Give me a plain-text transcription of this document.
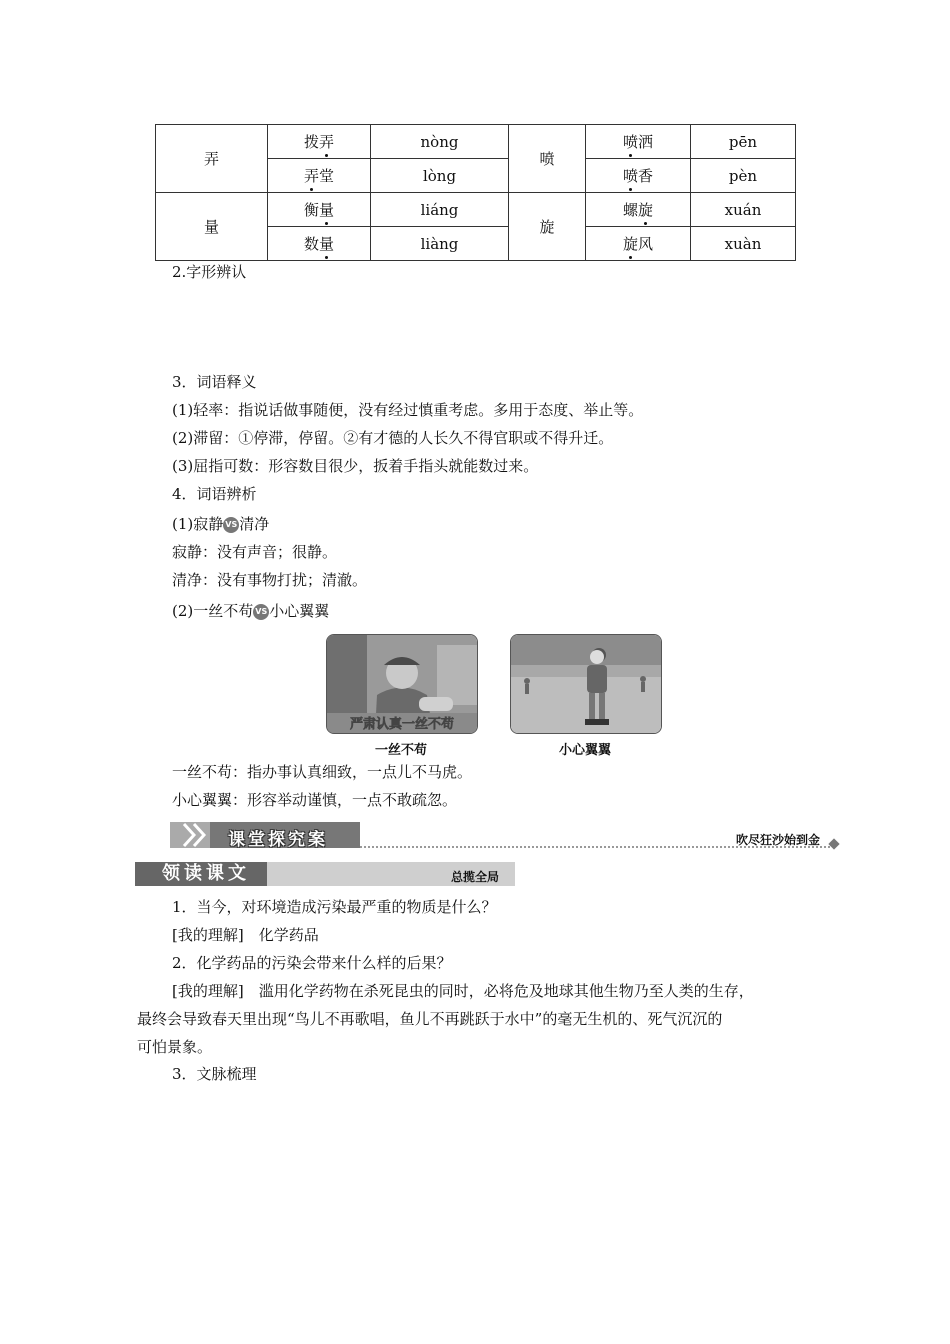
弄	拨弄	nòng	喷	喷洒	pēn
	弄堂	lòng		喷香	pèn
量	衡量	liáng	旋	螺旋	xuán
	数量	liàng		旋风	xuàn
2.字形辨认
3．词语释义
(1)轻率：指说话做事随便，没有经过慎重考虑。多用于态度、举止等。
(2)滞留：①停滞，停留。②有才德的人长久不得官职或不得升迁。
(3)屈指可数：形容数目很少，扳着手指头就能数过来。
4．词语辨析
(1)寂静 VS 清净
寂静：没有声音；很静。
清净：没有事物打扰；清澈。
(2)一丝不苟 VS 小心翼翼
严肃认真一丝不苟
一丝不苟	小心翼翼
一丝不苟：指办事认真细致，一点儿不马虎。
小心翼翼：形容举动谨慎，一点不敢疏忽。
课堂探究案	吹尽狂沙始到金
领读课文	总揽全局
1．当今，对环境造成污染最严重的物质是什么？
[我的理解]　化学药品
2．化学药品的污染会带来什么样的后果？
[我的理解]　滥用化学药物在杀死昆虫的同时，必将危及地球其他生物乃至人类的生存，
最终会导致春天里出现“鸟儿不再歌唱，鱼儿不再跳跃于水中”的毫无生机的、死气沉沉的
可怕景象。
3．文脉梳理
